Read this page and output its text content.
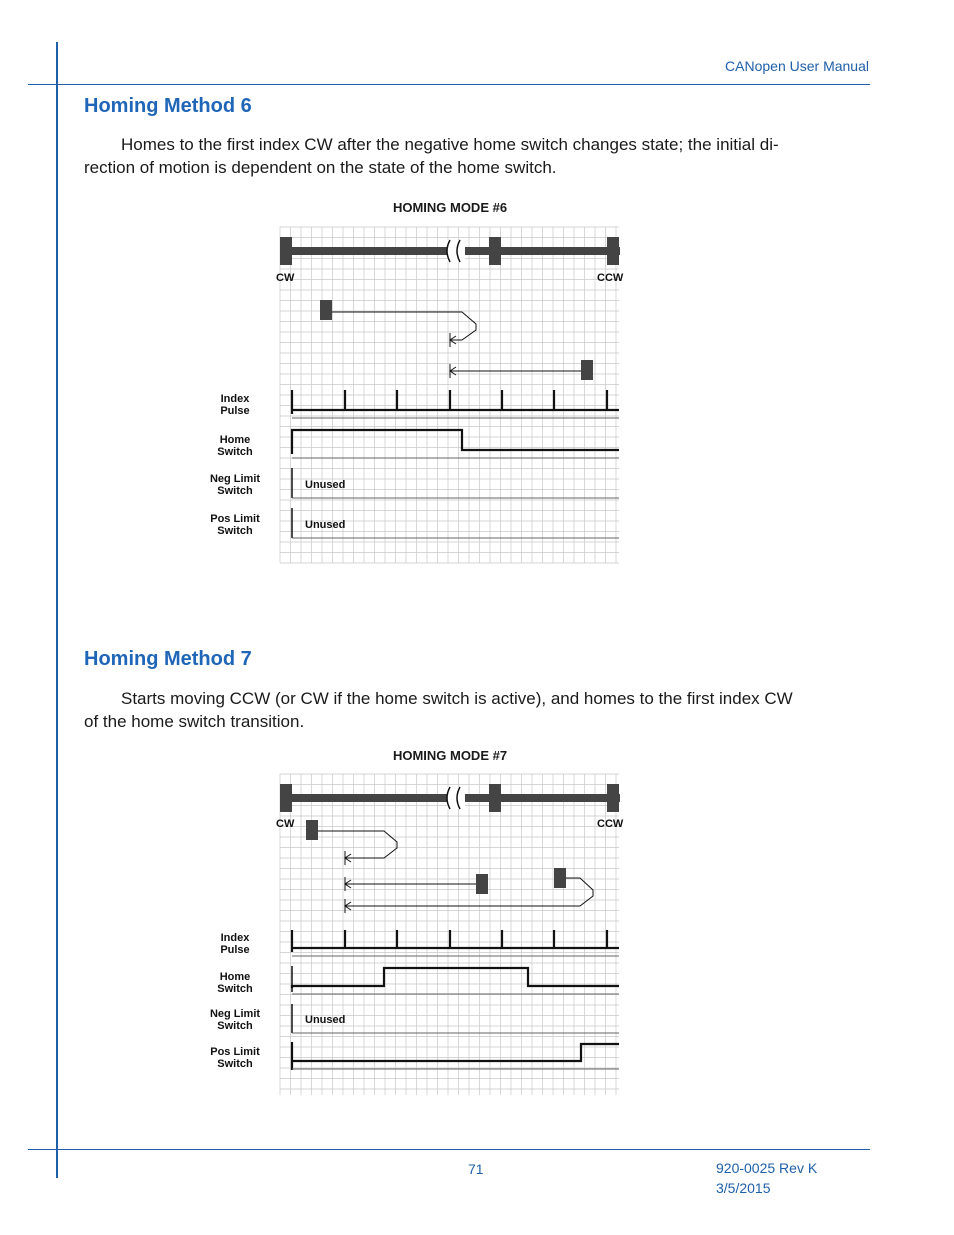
CANopen User Manual
Homing Method 6

Homes to the first index CW after the negative home switch changes state; the initial di-
rection of motion is dependent on the state of the home switch.

HOMING MODE #6
CW	CCW
Index
Pulse
Home
Switch
Neg Limit
Switch
Pos Limit
Switch
Unused
Unused
Homing Method 7

Starts moving CCW (or CW if the home switch is active), and homes to the first index CW
of the home switch transition.

HOMING MODE #7
CW	CCW
Index
Pulse
Home
Switch
Neg Limit
Switch
Pos Limit
Switch
Unused
71	920-0025 Rev K
3/5/2015
